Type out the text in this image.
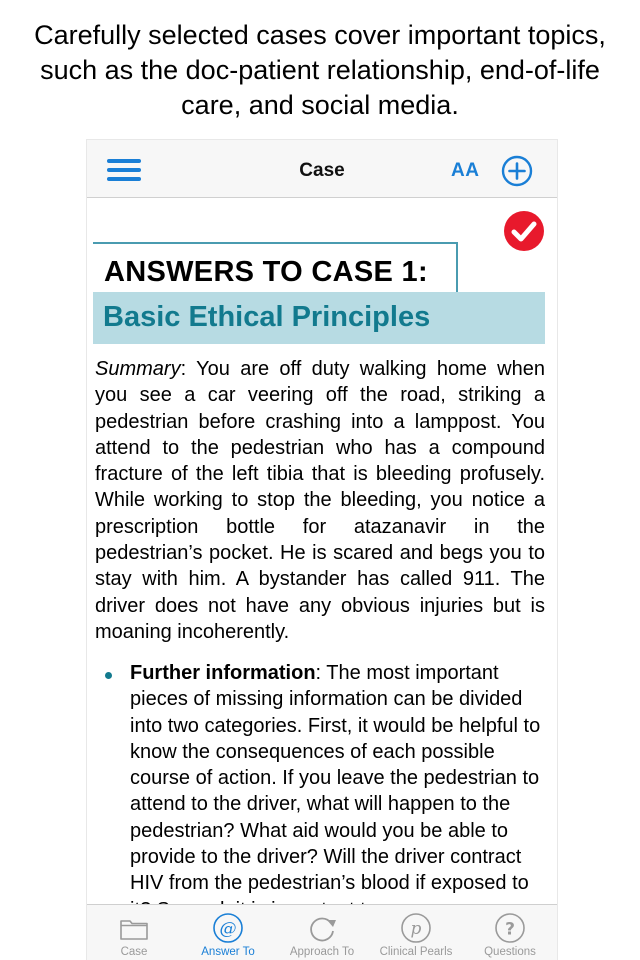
Carefully selected cases cover important topics,
such as the doc-patient relationship, end-of-life
care, and social media.
Case	AA
ANSWERS TO CASE 1:
Basic Ethical Principles
Summary: You are off duty walking home when you see a car veering off the road, striking a pedestrian before crashing into a lamppost. You attend to the pedestrian who has a compound fracture of the left tibia that is bleeding profusely. While working to stop the bleeding, you notice a prescription bottle for atazanavir in the pedestrian’s pocket. He is scared and begs you to stay with him. A bystander has called 911. The driver does not have any obvious injuries but is moaning incoherently.
Further information: The most important pieces of missing information can be divided into two categories. First, it would be helpful to know the consequences of each possible course of action. If you leave the pedestrian to attend to the driver, what will happen to the pedestrian? What aid would you be able to provide to the driver? Will the driver contract HIV from the pedestrian’s blood if exposed to
Case
@
Answer To	Approach To
p
Clinical Pearls
?
Questions
